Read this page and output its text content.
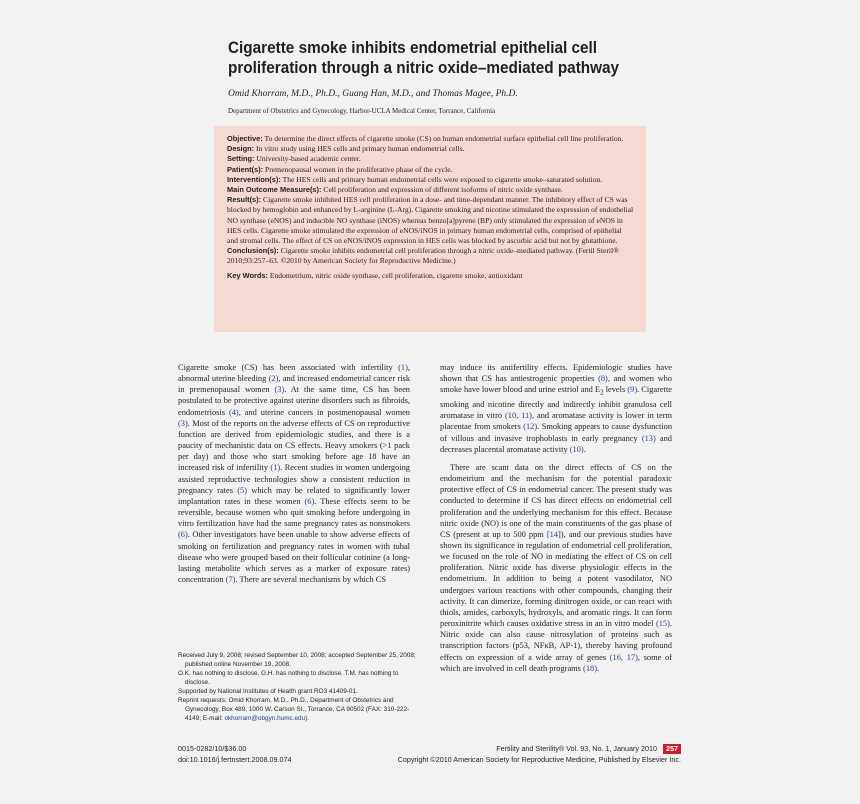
Cigarette smoke inhibits endometrial epithelial cell
proliferation through a nitric oxide–mediated pathway
Omid Khorram, M.D., Ph.D., Guang Han, M.D., and Thomas Magee, Ph.D.
Department of Obstetrics and Gynecology, Harbor-UCLA Medical Center, Torrance, California

Objective: To determine the direct effects of cigarette smoke (CS) on human endometrial surface epithelial cell line proliferation.

Design: In vitro study using HES cells and primary human endometrial cells.

Setting: University-based academic center.

Patient(s): Premenopausal women in the proliferative phase of the cycle.

Intervention(s): The HES cells and primary human endometrial cells were exposed to cigarette smoke–saturated solution.

Main Outcome Measure(s): Cell proliferation and expression of different isoforms of nitric oxide synthase.

Result(s): Cigarette smoke inhibited HES cell proliferation in a dose- and time-dependant manner. The inhibitory effect of CS was blocked by hemoglobin and enhanced by L-arginine (L-Arg). Cigarette smoking and nicotine stimulated the expression of endothelial NO synthase (eNOS) and inducible NO synthase (iNOS) whereas benzo[a]pyrene (BP) only stimulated the expression of eNOS in HES cells. Cigarette smoke stimulated the expression of eNOS/iNOS in primary human endometrial cells, comprised of epithelial and stromal cells. The effect of CS on eNOS/iNOS expression in HES cells was blocked by ascorbic acid but not by glutathione.

Conclusion(s): Cigarette smoke inhibits endometrial cell proliferation through a nitric oxide–mediated pathway. (Fertil Steril® 2010;93:257–63. ©2010 by American Society for Reproductive Medicine.)

Key Words: Endometrium, nitric oxide synthase, cell proliferation, cigarette smoke, antioxidant

Cigarette smoke (CS) has been associated with infertility (1), abnormal uterine bleeding (2), and increased endometrial cancer risk in premenopausal women (3). At the same time, CS has been postulated to be protective against uterine disorders such as fibroids, endometriosis (4), and uterine cancers in postmenopausal women (3). Most of the reports on the adverse effects of CS on reproductive function are derived from epidemiologic studies, and there is a paucity of mechanistic data on CS effects. Heavy smokers (>1 pack per day) and those who start smoking before age 18 have an increased risk of infertility (1). Recent studies in women undergoing assisted reproductive technologies show a consistent reduction in pregnancy rates (5) which may be related to significantly lower implantation rates in these women (6). These effects seem to be reversible, because women who quit smoking before undergoing in vitro fertilization have had the same pregnancy rates as nonsmokers (6). Other investigators have been unable to show adverse effects of smoking on fertilization and pregnancy rates in women with tubal disease who were grouped based on their follicular cotinine (a long-lasting metabolite which serves as a marker of exposure rates) concentration (7). There are several mechanisms by which CS

may induce its antifertility effects. Epidemiologic studies have shown that CS has antiestrogenic properties (8), and women who smoke have lower blood and urine estriol and $E_2$ levels (9). Cigarette smoking and nicotine directly and indirectly inhibit granulosa cell aromatase in vitro (10, 11), and aromatase activity is lower in term placentae from smokers (12). Smoking appears to cause dysfunction of villous and invasive trophoblasts in early pregnancy (13) and decreases placental aromatase activity (10).

There are scant data on the direct effects of CS on the endometrium and the mechanism for the potential paradoxic protective effect of CS in endometrial cancer. The present study was conducted to determine if CS has direct effects on endometrial cell proliferation and the underlying mechanism for this effect. Because nitric oxide (NO) is one of the main constituents of the gas phase of CS (present at up to 500 ppm [14]), and our previous studies have shown its significance in regulation of endometrial cell proliferation, we focused on the role of NO in mediating the effect of CS on cell proliferation. Nitric oxide has diverse physiologic effects in the endometrium. In addition to being a potent vasodilator, NO undergoes various reactions with other compounds, changing their activity. It can dimerize, forming dinitrogen oxide, or can react with thiols, amides, carboxyls, hydroxyls, and aromatic rings. It can form peroxinitrite which causes oxidative stress in an in vitro model (15). Nitric oxide can also cause nitrosylation of proteins such as transcription factors (p53, NFκB, AP-1), thereby having profound effects on expression of a wide array of genes (16, 17), some of which are involved in cell death programs (18).

Received July 9, 2008; revised September 10, 2008; accepted September 25, 2008; published online November 19, 2008.

O.K. has nothing to disclose. G.H. has nothing to disclose. T.M. has nothing to disclose.

Supported by National Institutes of Health grant RO3 41409-01.

Reprint requests: Omid Khorram, M.D., Ph.D., Department of Obstetrics and Gynecology, Box 489, 1000 W. Carson St., Torrance, CA 90502 (FAX: 310-222-4149; E-mail: okhorram@obgyn.humc.edu).

0015-0282/10/$36.00
doi:10.1016/j.fertnstert.2008.09.074
Fertility and Sterility® Vol. 93, No. 1, January 2010 257
Copyright ©2010 American Society for Reproductive Medicine, Published by Elsevier Inc.
